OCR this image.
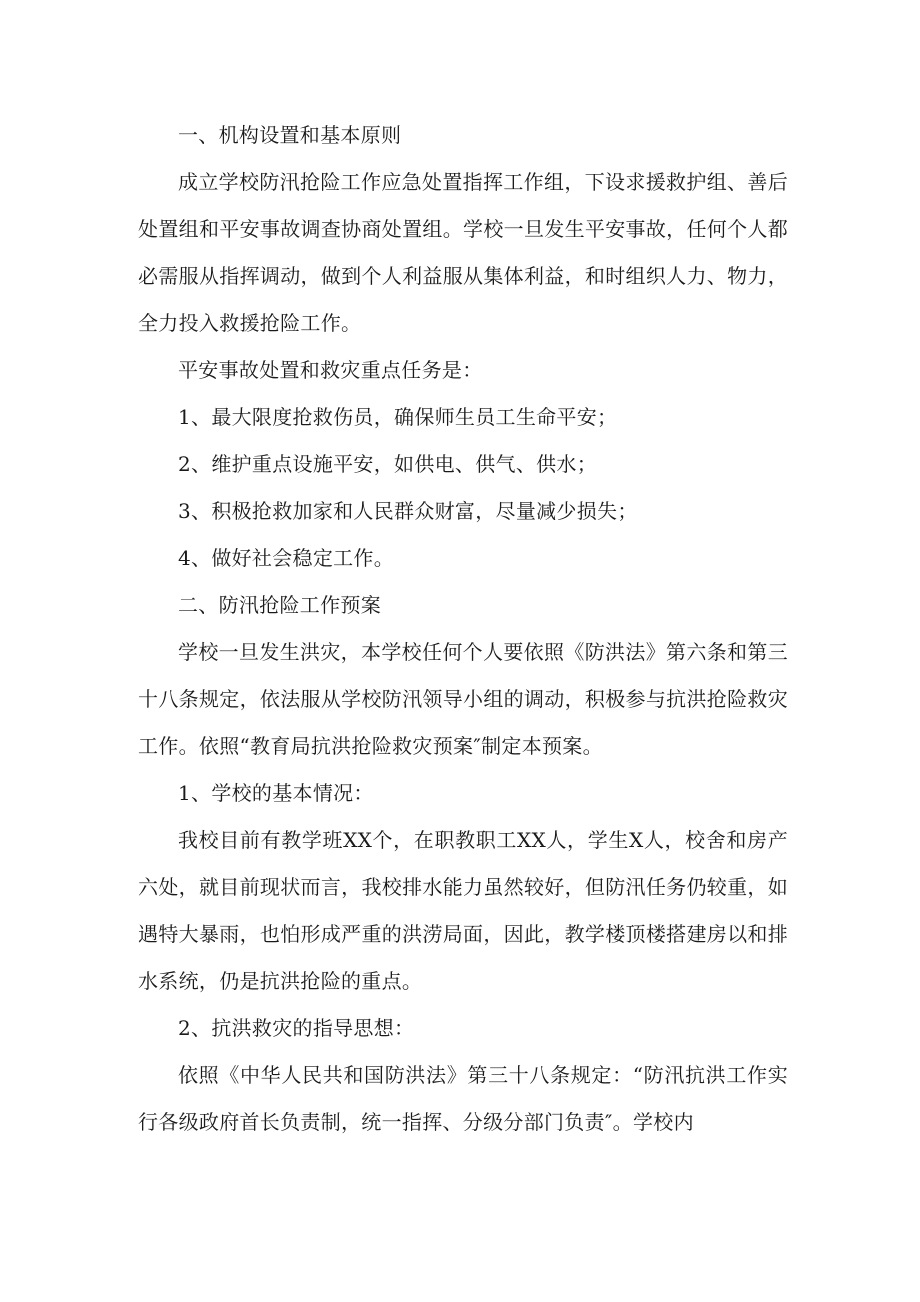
一、机构设置和基本原则

成立学校防汛抢险工作应急处置指挥工作组，下设求援救护组、善后处置组和平安事故调查协商处置组。学校一旦发生平安事故，任何个人都必需服从指挥调动，做到个人利益服从集体利益，和时组织人力、物力，全力投入救援抢险工作。

平安事故处置和救灾重点任务是：

1、最大限度抢救伤员，确保师生员工生命平安；

2、维护重点设施平安，如供电、供气、供水；

3、积极抢救加家和人民群众财富，尽量减少损失；

4、做好社会稳定工作。

二、防汛抢险工作预案

学校一旦发生洪灾，本学校任何个人要依照《防洪法》第六条和第三十八条规定，依法服从学校防汛领导小组的调动，积极参与抗洪抢险救灾工作。依照“教育局抗洪抢险救灾预案″制定本预案。

1、学校的基本情况：

我校目前有教学班XX个，在职教职工XX人，学生X人，校舍和房产六处，就目前现状而言，我校排水能力虽然较好，但防汛任务仍较重，如遇特大暴雨，也怕形成严重的洪涝局面，因此，教学楼顶楼搭建房以和排水系统，仍是抗洪抢险的重点。

2、抗洪救灾的指导思想：

依照《中华人民共和国防洪法》第三十八条规定：“防汛抗洪工作实行各级政府首长负责制，统一指挥、分级分部门负责″。学校内
